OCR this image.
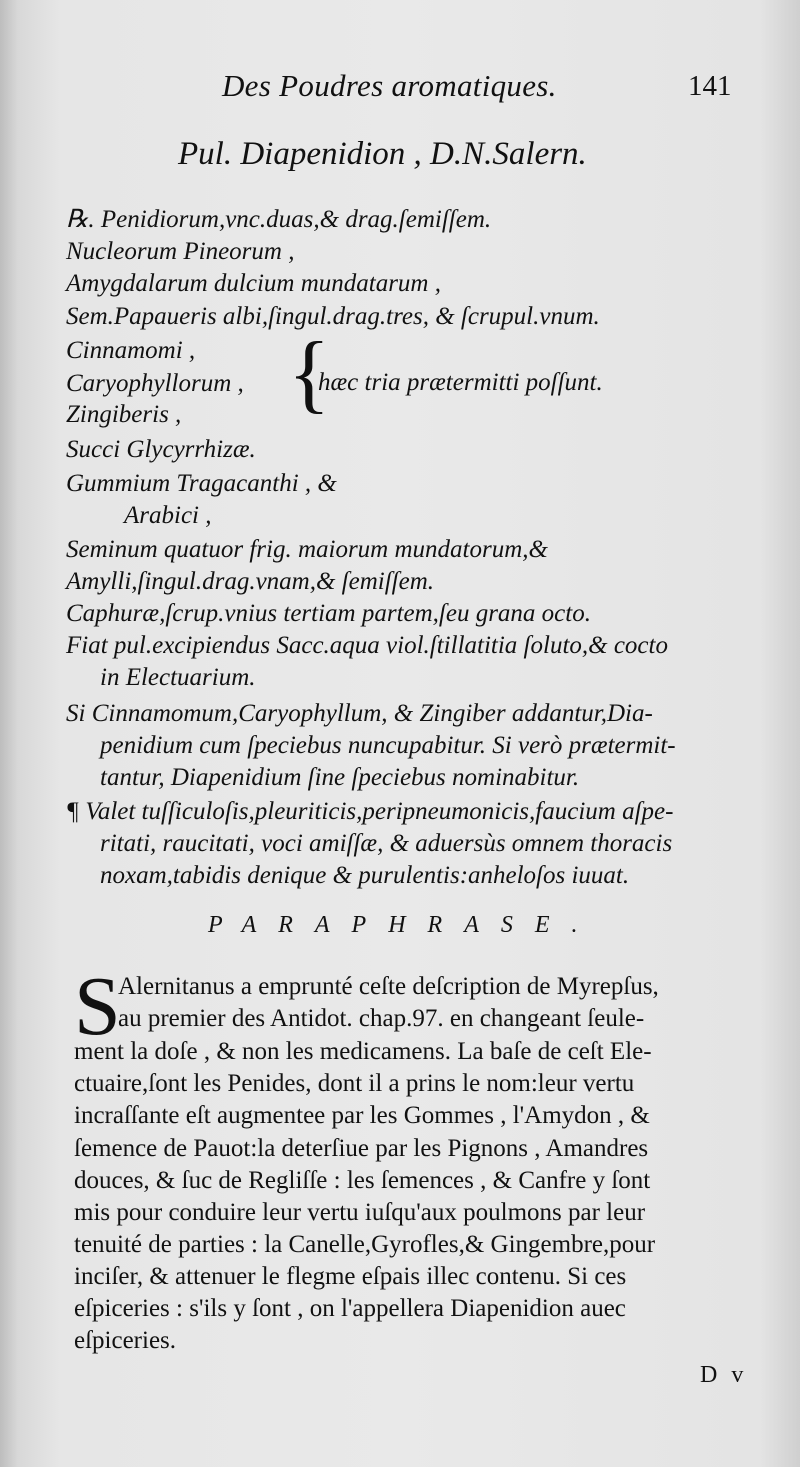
Des Poudres aromatiques.	141
Pul. Diapenidion , D.N.Salern.
℞. Penidiorum,vnc.duas,& drag.ſemiſſem.
Nucleorum Pineorum ,
Amygdalarum dulcium mundatarum ,
Sem.Papaueris albi,ſingul.drag.tres, & ſcrupul.vnum.
Cinnamomi ,
Caryophyllorum ,
Zingiberis , {
hæc tria prætermitti poſſunt.
Succi Glycyrrhizæ.
Gummium Tragacanthi , &
Arabici ,
Seminum quatuor frig. maiorum mundatorum,&
Amylli,ſingul.drag.vnam,& ſemiſſem.
Caphuræ,ſcrup.vnius tertiam partem,ſeu grana octo.
Fiat pul.excipiendus Sacc.aqua viol.ſtillatitia ſoluto,& cocto
in Electuarium.
Si Cinnamomum,Caryophyllum, & Zingiber addantur,Dia-
penidium cum ſpeciebus nuncupabitur. Si verò prætermit-
tantur, Diapenidium ſine ſpeciebus nominabitur.
¶ Valet tuſſiculoſis,pleuriticis,peripneumonicis,faucium aſpe-
ritati, raucitati, voci amiſſæ, & aduersùs omnem thoracis
noxam,tabidis denique & purulentis:anheloſos iuuat.
PARAPHRASE.
S
Alernitanus a emprunté ceſte deſcription de Myrepſus,
au premier des Antidot. chap.97. en changeant ſeule-
ment la doſe , & non les medicamens. La baſe de ceſt Ele-
ctuaire,ſont les Penides, dont il a prins le nom:leur vertu
incraſſante eſt augmentee par les Gommes , l'Amydon , &
ſemence de Pauot:la deterſiue par les Pignons , Amandres
douces, & ſuc de Regliſſe : les ſemences , & Canfre y ſont
mis pour conduire leur vertu iuſqu'aux poulmons par leur
tenuité de parties : la Canelle,Gyrofles,& Gingembre,pour
inciſer, & attenuer le flegme eſpais illec contenu. Si ces
eſpiceries : s'ils y ſont , on l'appellera Diapenidion auec
eſpiceries.
D v
